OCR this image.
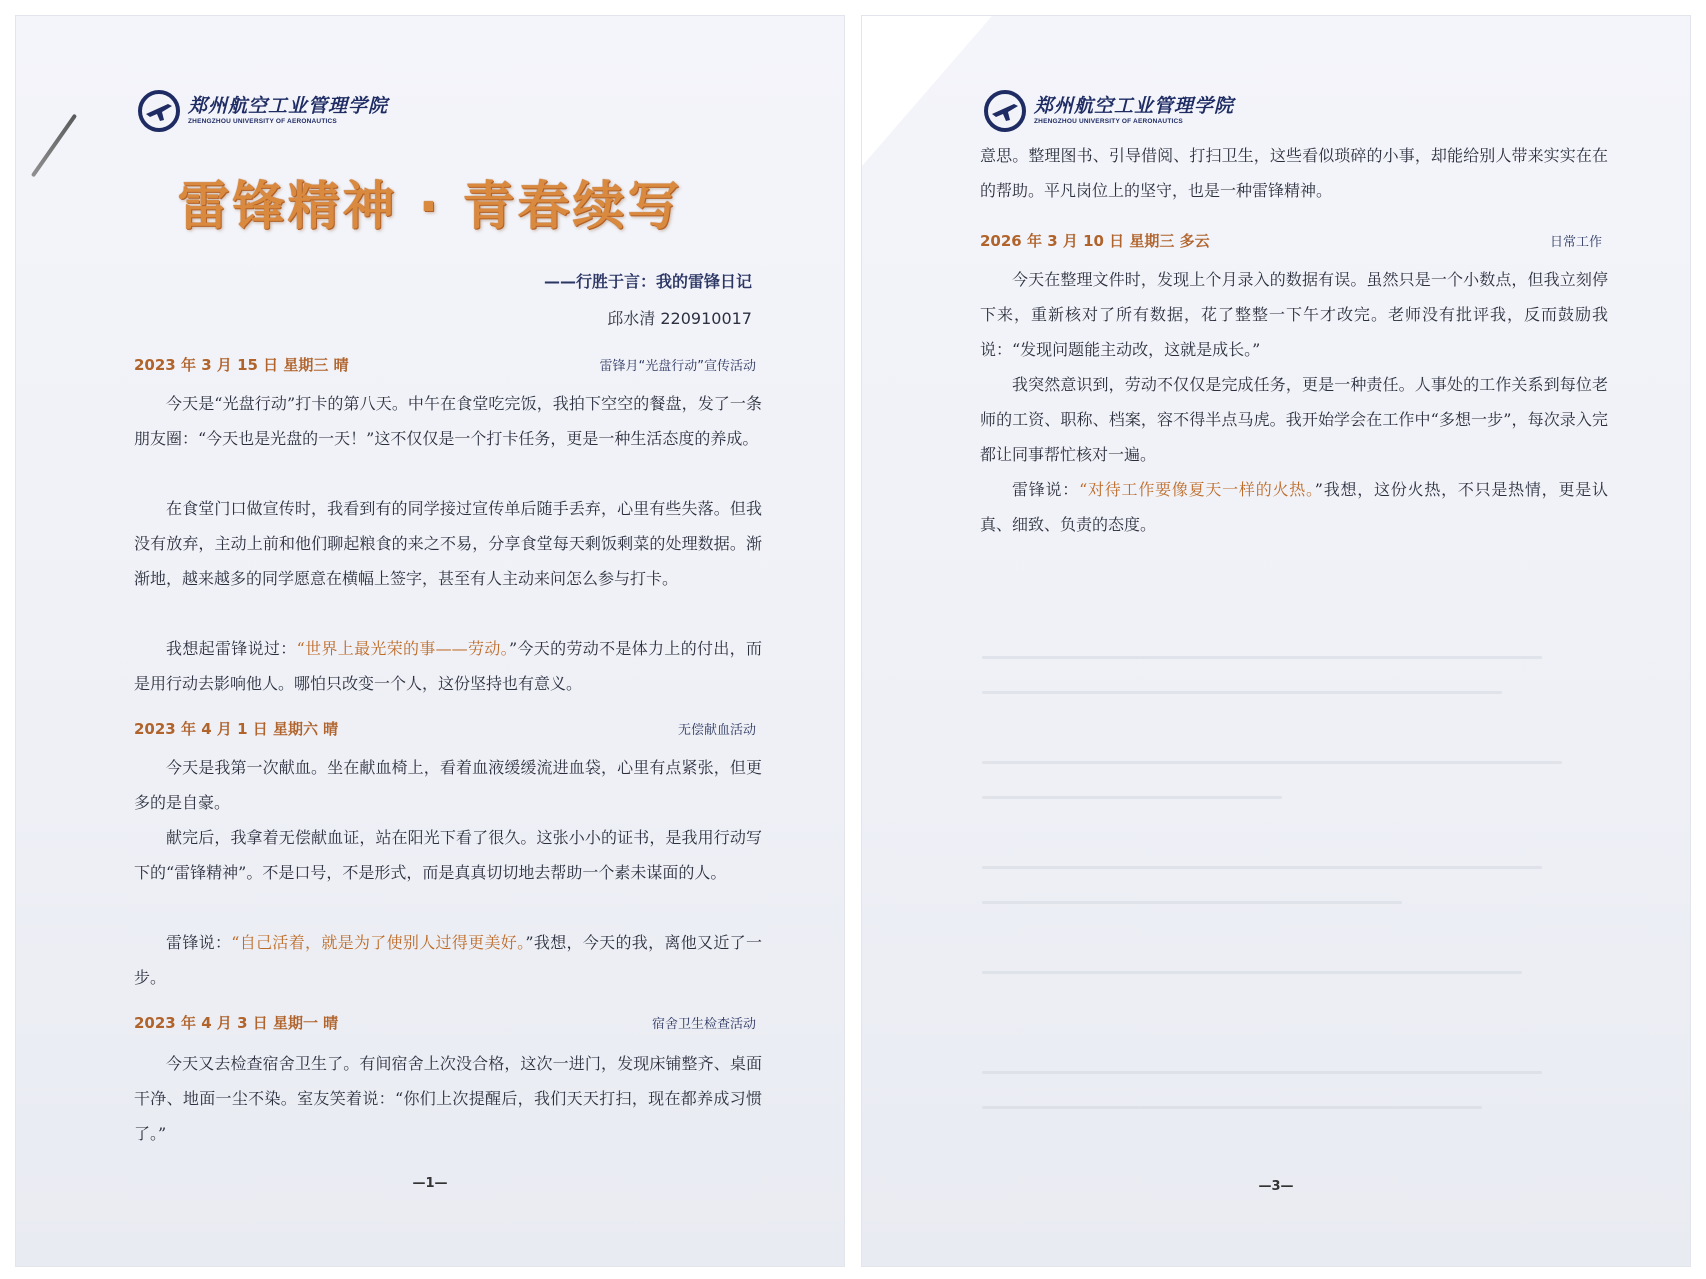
郑州航空工业管理学院
ZHENGZHOU UNIVERSITY OF AERONAUTICS
雷锋精神 · 青春续写
——行胜于言：我的雷锋日记
邱水清 220910017
2023 年 3 月 15 日 星期三 晴	雷锋月“光盘行动”宣传活动
今天是“光盘行动”打卡的第八天。中午在食堂吃完饭，我拍下空空的餐盘，发了一条朋友圈：“今天也是光盘的一天！”这不仅仅是一个打卡任务，更是一种生活态度的养成。
在食堂门口做宣传时，我看到有的同学接过宣传单后随手丢弃，心里有些失落。但我没有放弃，主动上前和他们聊起粮食的来之不易，分享食堂每天剩饭剩菜的处理数据。渐渐地，越来越多的同学愿意在横幅上签字，甚至有人主动来问怎么参与打卡。
我想起雷锋说过：“世界上最光荣的事——劳动。”今天的劳动不是体力上的付出，而是用行动去影响他人。哪怕只改变一个人，这份坚持也有意义。
2023 年 4 月 1 日 星期六 晴	无偿献血活动
今天是我第一次献血。坐在献血椅上，看着血液缓缓流进血袋，心里有点紧张，但更多的是自豪。
献完后，我拿着无偿献血证，站在阳光下看了很久。这张小小的证书，是我用行动写下的“雷锋精神”。不是口号，不是形式，而是真真切切地去帮助一个素未谋面的人。
雷锋说：“自己活着，就是为了使别人过得更美好。”我想，今天的我，离他又近了一步。
2023 年 4 月 3 日 星期一 晴	宿舍卫生检查活动
今天又去检查宿舍卫生了。有间宿舍上次没合格，这次一进门，发现床铺整齐、桌面干净、地面一尘不染。室友笑着说：“你们上次提醒后，我们天天打扫，现在都养成习惯了。”
—1—
郑州航空工业管理学院
ZHENGZHOU UNIVERSITY OF AERONAUTICS
意思。整理图书、引导借阅、打扫卫生，这些看似琐碎的小事，却能给别人带来实实在在的帮助。平凡岗位上的坚守，也是一种雷锋精神。
2026 年 3 月 10 日 星期三 多云	日常工作
今天在整理文件时，发现上个月录入的数据有误。虽然只是一个小数点，但我立刻停下来，重新核对了所有数据，花了整整一下午才改完。老师没有批评我，反而鼓励我说：“发现问题能主动改，这就是成长。”
我突然意识到，劳动不仅仅是完成任务，更是一种责任。人事处的工作关系到每位老师的工资、职称、档案，容不得半点马虎。我开始学会在工作中“多想一步”，每次录入完都让同事帮忙核对一遍。
雷锋说：“对待工作要像夏天一样的火热。”我想，这份火热，不只是热情，更是认真、细致、负责的态度。
—3—
